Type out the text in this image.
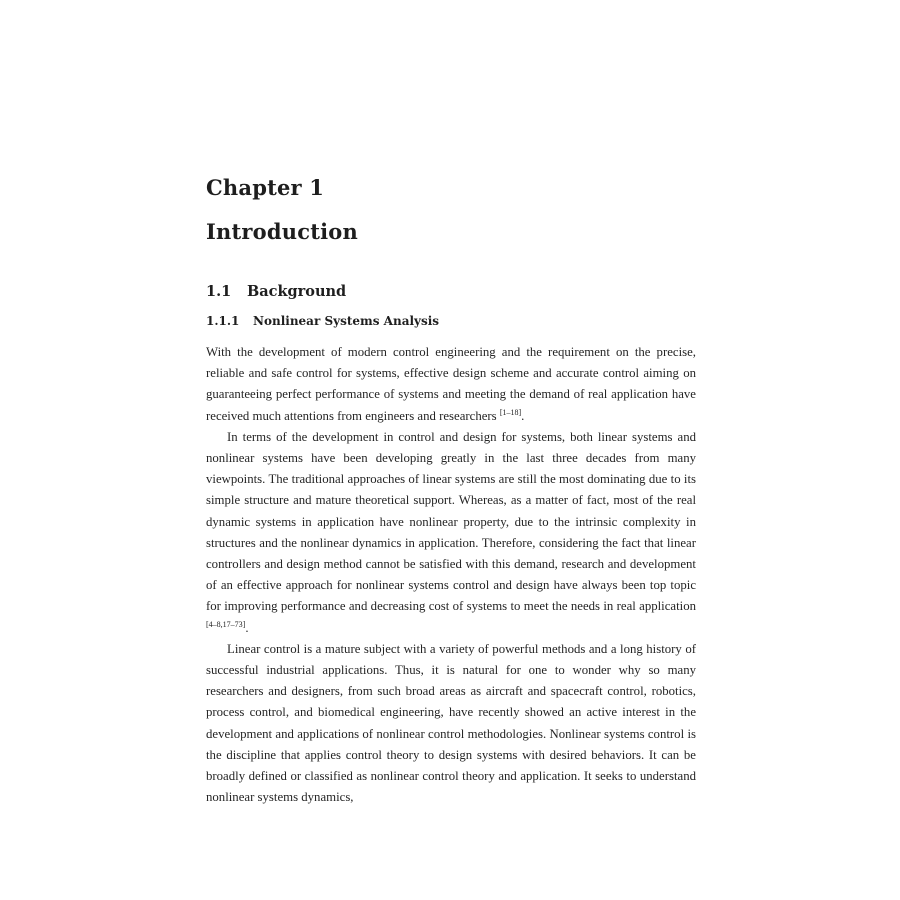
Chapter 1
Introduction
1.1 Background
1.1.1 Nonlinear Systems Analysis

With the development of modern control engineering and the requirement on the precise, reliable and safe control for systems, effective design scheme and accurate control aiming on guaranteeing perfect performance of systems and meeting the demand of real application have received much attentions from engineers and researchers [1–18].

In terms of the development in control and design for systems, both linear systems and nonlinear systems have been developing greatly in the last three decades from many viewpoints. The traditional approaches of linear systems are still the most dominating due to its simple structure and mature theoretical support. Whereas, as a matter of fact, most of the real dynamic systems in application have nonlinear property, due to the intrinsic complexity in structures and the nonlinear dynamics in application. Therefore, considering the fact that linear controllers and design method cannot be satisfied with this demand, research and development of an effective approach for nonlinear systems control and design have always been top topic for improving performance and decreasing cost of systems to meet the needs in real application [4–8,17–73].

Linear control is a mature subject with a variety of powerful methods and a long history of successful industrial applications. Thus, it is natural for one to wonder why so many researchers and designers, from such broad areas as aircraft and spacecraft control, robotics, process control, and biomedical engineering, have recently showed an active interest in the development and applications of nonlinear control methodologies. Nonlinear systems control is the discipline that applies control theory to design systems with desired behaviors. It can be broadly defined or classified as nonlinear control theory and application. It seeks to understand nonlinear systems dynamics,
